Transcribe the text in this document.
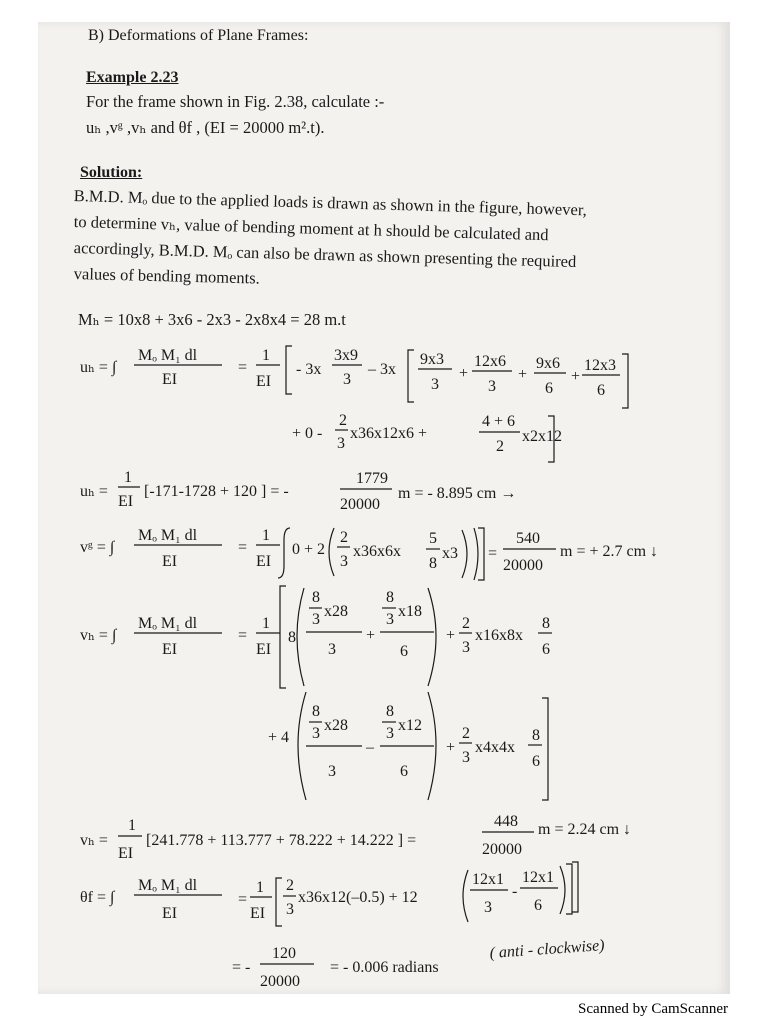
B) Deformations of Plane Frames:
Example 2.23
For the frame shown in Fig. 2.38, calculate :-
uₕ ,vᵍ ,vₕ and θf , (EI = 20000 m².t).
Solution:
B.M.D. Mₒ due to the applied loads is drawn as shown in the figure, however,
to determine vₕ, value of bending moment at h should be calculated and
accordingly, B.M.D. Mₒ can also be drawn as shown presenting the required
values of bending moments.
Mₕ = 10x8 + 3x6 - 2x3 - 2x8x4 = 28 m.t
uₕ = ∫
Mₒ M₁ dl
EI
=
1
EI
- 3x
3x9
3
– 3x
9x3
3
+
12x6
3
+
9x6
6
+
12x3
6
+ 0 -
2
3
x36x12x6 +
4 + 6
2
x2x12
uₕ =
1
EI
[-171-1728 + 120 ] = -
1779
20000
m = - 8.895 cm →
vᵍ = ∫
Mₒ M₁ dl
EI
=
1
EI
0 + 2
2
3
x36x6x
5
8
x3 =
540
20000
m = + 2.7 cm ↓
vₕ = ∫
Mₒ M₁ dl
EI
=
1
EI
8
8
3 x28
3
8
3 x18
6
+	+
2
3
x16x8x
8
6
+ 4
8
3 x28
3
8
3 x12
6
–	+
2
3
x4x4x
8
6
vₕ =
1
EI
[241.778 + 113.777 + 78.222 + 14.222 ] =
448
20000
m = 2.24 cm ↓
θf = ∫
Mₒ M₁ dl
EI
=
1
EI
2
3
x36x12(–0.5) + 12
12x1
3
-
12x1
6
= -
120
20000
= - 0.006 radians
( anti - clockwise)
Scanned by CamScanner
